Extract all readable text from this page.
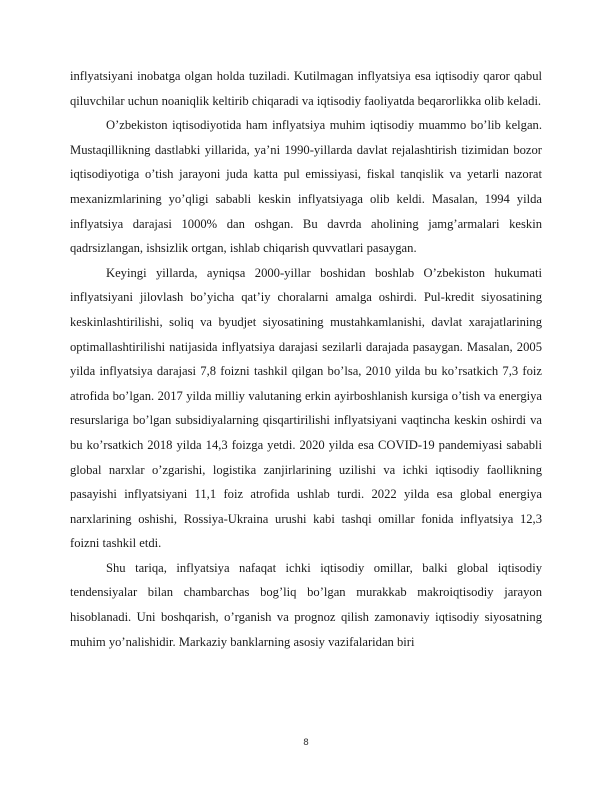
inflyatsiyani inobatga olgan holda tuziladi. Kutilmagan inflyatsiya esa iqtisodiy qaror qabul qiluvchilar uchun noaniqlik keltirib chiqaradi va iqtisodiy faoliyatda beqarorlikka olib keladi.

O’zbekiston iqtisodiyotida ham inflyatsiya muhim iqtisodiy muammo bo’lib kelgan. Mustaqillikning dastlabki yillarida, ya’ni 1990-yillarda davlat rejalashtirish tizimidan bozor iqtisodiyotiga o’tish jarayoni juda katta pul emissiyasi, fiskal tanqislik va yetarli nazorat mexanizmlarining yo’qligi sababli keskin inflyatsiyaga olib keldi. Masalan, 1994 yilda inflyatsiya darajasi 1000% dan oshgan. Bu davrda aholining jamg’armalari keskin qadrsizlangan, ishsizlik ortgan, ishlab chiqarish quvvatlari pasaygan.

Keyingi yillarda, ayniqsa 2000-yillar boshidan boshlab O’zbekiston hukumati inflyatsiyani jilovlash bo’yicha qat’iy choralarni amalga oshirdi. Pul-kredit siyosatining keskinlashtirilishi, soliq va byudjet siyosatining mustahkamlanishi, davlat xarajatlarining optimallashtirilishi natijasida inflyatsiya darajasi sezilarli darajada pasaygan. Masalan, 2005 yilda inflyatsiya darajasi 7,8 foizni tashkil qilgan bo’lsa, 2010 yilda bu ko’rsatkich 7,3 foiz atrofida bo’lgan. 2017 yilda milliy valutaning erkin ayirboshlanish kursiga o’tish va energiya resurslariga bo’lgan subsidiyalarning qisqartirilishi inflyatsiyani vaqtincha keskin oshirdi va bu ko’rsatkich 2018 yilda 14,3 foizga yetdi. 2020 yilda esa COVID-19 pandemiyasi sababli global narxlar o’zgarishi, logistika zanjirlarining uzilishi va ichki iqtisodiy faollikning pasayishi inflyatsiyani 11,1 foiz atrofida ushlab turdi. 2022 yilda esa global energiya narxlarining oshishi, Rossiya-Ukraina urushi kabi tashqi omillar fonida inflyatsiya 12,3 foizni tashkil etdi.

Shu tariqa, inflyatsiya nafaqat ichki iqtisodiy omillar, balki global iqtisodiy tendensiyalar bilan chambarchas bog’liq bo’lgan murakkab makroiqtisodiy jarayon hisoblanadi. Uni boshqarish, o’rganish va prognoz qilish zamonaviy iqtisodiy siyosatning muhim yo’nalishidir. Markaziy banklarning asosiy vazifalaridan biri

8
